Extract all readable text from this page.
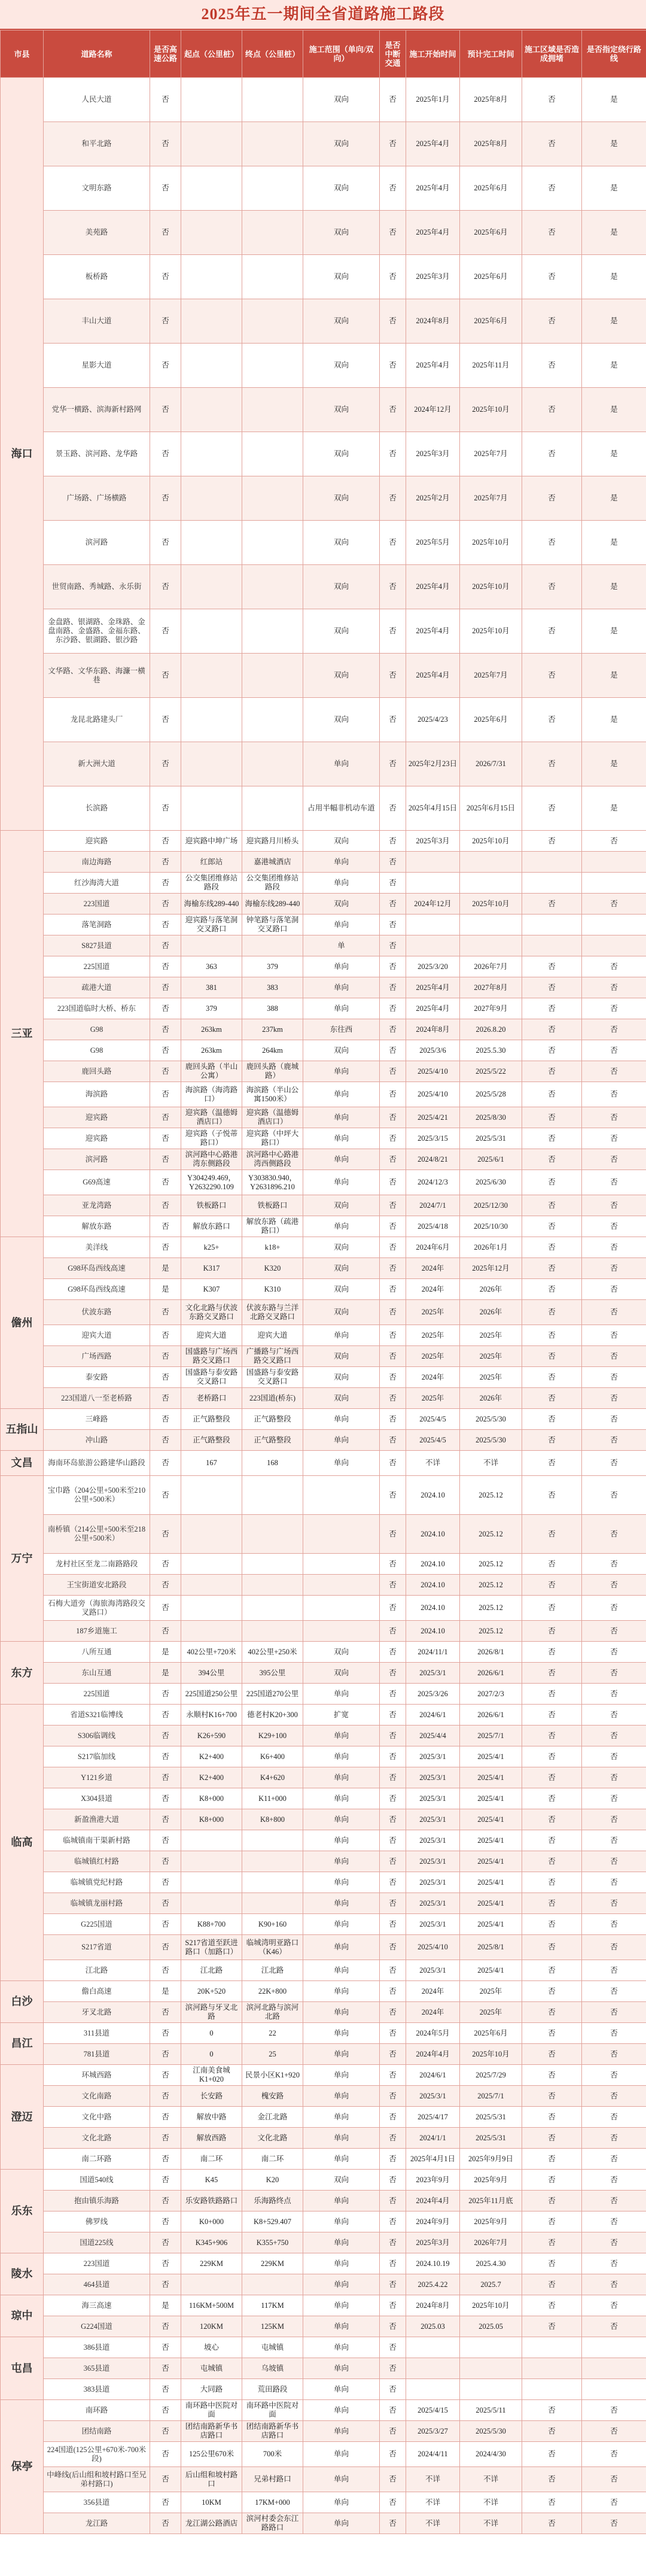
2025年五一期间全省道路施工路段
市县	道路名称	是否高速公路	起点（公里桩）	终点（公里桩）	施工范围（单向/双向）	是否中断交通	施工开始时间	预计完工时间	施工区域是否造成拥堵	是否指定绕行路线
海口	人民大道	否			双向	否	2025年1月	2025年8月	否	是
	和平北路	否			双向	否	2025年4月	2025年8月	否	是
	文明东路	否			双向	否	2025年4月	2025年6月	否	是
	美苑路	否			双向	否	2025年4月	2025年6月	否	是
	板桥路	否			双向	否	2025年3月	2025年6月	否	是
	丰山大道	否			双向	否	2024年8月	2025年6月	否	是
	星影大道	否			双向	否	2025年4月	2025年11月	否	是
	党华一横路、滨海新村路网	否			双向	否	2024年12月	2025年10月	否	是
	景玉路、滨河路、龙华路	否			双向	否	2025年3月	2025年7月	否	是
	广场路、广场横路	否			双向	否	2025年2月	2025年7月	否	是
	滨河路	否			双向	否	2025年5月	2025年10月	否	是
	世贸南路、秀城路、永乐街	否			双向	否	2025年4月	2025年10月	否	是
	金盘路、银湖路、金珠路、金盘南路、金盛路、金福东路、东沙路、银湖路、银沙路	否			双向	否	2025年4月	2025年10月	否	是
	文华路、文华东路、海濂一横巷	否			双向	否	2025年4月	2025年7月	否	是
	龙昆北路建头厂	否			双向	否	2025/4/23	2025年6月	否	是
	新大洲大道	否			单向	否	2025年2月23日	2026/7/31	否	是
	长滨路	否			占用半幅非机动车道	否	2025年4月15日	2025年6月15日	否	是
三亚	迎宾路	否	迎宾路中坤广场	迎宾路月川桥头	双向	否	2025年3月	2025年10月	否	否
	南边海路	否	红郎站	嘉港城酒店	单向	否				
	红沙海湾大道	否	公交集团维修站路段	公交集团维修站路段	单向	否				
	223国道	否	海榆东线289-440	海榆东线289-440	双向	否	2024年12月	2025年10月	否	否
	落笔洞路	否	迎宾路与落笔洞交叉路口	钟笔路与落笔洞交叉路口	单向	否				
	S827县道	否			单	否				
	225国道	否	363	379	单向	否	2025/3/20	2026年7月	否	否
	疏港大道	否	381	383	单向	否	2025年4月	2027年8月	否	否
	223国道临时大桥、桥东	否	379	388	单向	否	2025年4月	2027年9月	否	否
	G98	否	263km	237km	东往西	否	2024年8月	2026.8.20	否	否
	G98	否	263km	264km	双向	否	2025/3/6	2025.5.30	否	否
	鹿回头路	否	鹿回头路（半山公寓）	鹿回头路（鹿城路）	单向	否	2025/4/10	2025/5/22	否	否
	海滨路	否	海滨路（海湾路口）	海滨路（半山公寓1500米）	单向	否	2025/4/10	2025/5/28	否	否
	迎宾路	否	迎宾路（温德姆酒店口）	迎宾路（温德姆酒店口）	单向	否	2025/4/21	2025/8/30	否	否
	迎宾路	否	迎宾路（子悦蒂路口）	迎宾路（中坪大路口）	单向	否	2025/3/15	2025/5/31	否	否
	滨河路	否	滨河路中心路港湾东侧路段	滨河路中心路港湾西侧路段	单向	否	2024/8/21	2025/6/1	否	否
	G69高速	否	Y304249.469，Y2632290.109	Y303830.940，Y2631896.210	单向	否	2024/12/3	2025/6/30	否	否
	亚龙湾路	否	铁板路口	铁板路口	双向	否	2024/7/1	2025/12/30	否	否
	解放东路	否	解放东路口	解放东路（疏港路口）	单向	否	2025/4/18	2025/10/30	否	否
儋州	美洋线	否	k25+	k18+	双向	否	2024年6月	2026年1月	否	否
	G98环岛西线高速	是	K317	K320	双向	否	2024年	2025年12月	否	否
	G98环岛西线高速	是	K307	K310	双向	否	2024年	2026年	否	否
	伏波东路	否	文化北路与伏波东路交叉路口	伏波东路与兰洋北路交叉路口	双向	否	2025年	2026年	否	否
	迎宾大道	否	迎宾大道	迎宾大道	单向	否	2025年	2025年	否	否
	广场西路	否	国盛路与广场西路交叉路口	广播路与广场西路交叉路口	双向	否	2025年	2025年	否	否
	泰安路	否	国盛路与泰安路交叉路口	国盛路与泰安路交叉路口	双向	否	2024年	2025年	否	否
	223国道八一至老桥路	否	老桥路口	223国道(桥东)	双向	否	2025年	2026年	否	否
五指山	三峰路	否	正气路整段	正气路整段	单向	否	2025/4/5	2025/5/30	否	否
	冲山路	否	正气路整段	正气路整段	单向	否	2025/4/5	2025/5/30	否	否
文昌	海南环岛旅游公路建华山路段	否	167	168	单向	否	不详	不详	否	否
万宁	宝巾路（204公里+500米至210公里+500米）	否				否	2024.10	2025.12	否	否
	南桥镇（214公里+500米至218公里+500米）	否				否	2024.10	2025.12	否	否
	龙村社区至龙二南路路段	否				否	2024.10	2025.12	否	否
	王宝街道安北路段	否				否	2024.10	2025.12	否	否
	石梅大道旁（海旅海湾路段交叉路口）	否				否	2024.10	2025.12	否	否
	187乡道施工	否				否	2024.10	2025.12	否	否
东方	八所互通	是	402公里+720米	402公里+250米	双向	否	2024/11/1	2026/8/1	否	否
	东山互通	是	394公里	395公里	双向	否	2025/3/1	2026/6/1	否	否
	225国道	否	225国道250公里	225国道270公里	单向	否	2025/3/26	2027/2/3	否	否
临高	省道S321临博线	否	永顺村K16+700	德老村K20+300	扩宽	否	2024/6/1	2026/6/1	否	否
	S306临调线	否	K26+590	K29+100	单向	否	2025/4/4	2025/7/1	否	否
	S217临加线	否	K2+400	K6+400	单向	否	2025/3/1	2025/4/1	否	否
	Y121乡道	否	K2+400	K4+620	单向	否	2025/3/1	2025/4/1	否	否
	X304县道	否	K8+000	K11+000	单向	否	2025/3/1	2025/4/1	否	否
	新盈渔港大道	否	K8+000	K8+800	单向	否	2025/3/1	2025/4/1	否	否
	临城镇南干渠新村路	否			单向	否	2025/3/1	2025/4/1	否	否
	临城镇红村路	否			单向	否	2025/3/1	2025/4/1	否	否
	临城镇党纪村路	否			单向	否	2025/3/1	2025/4/1	否	否
	临城镇龙丽村路	否			单向	否	2025/3/1	2025/4/1	否	否
	G225国道	否	K88+700	K90+160	单向	否	2025/3/1	2025/4/1	否	否
	S217省道	否	S217省道至跃进路口（加路口）	临城湾明亚路口（K46）	单向	否	2025/4/10	2025/8/1	否	否
	江北路	否	江北路	江北路	单向	否	2025/3/1	2025/4/1	否	否
白沙	儋白高速	是	20K+520	22K+800	单向	否	2024年	2025年	否	否
	牙叉北路	否	滨河路与牙叉北路	滨河北路与滨河北路	单向	否	2024年	2025年	否	否
昌江	311县道	否	0	22	单向	否	2024年5月	2025年6月	否	否
	781县道	否	0	25	单向	否	2024年4月	2025年10月	否	否
澄迈	环城西路	否	江南美食城K1+020	民景小区K1+920	单向	否	2024/6/1	2025/7/29	否	否
	文化南路	否	长安路	槐安路	单向	否	2025/3/1	2025/7/1	否	否
	文化中路	否	解放中路	金江北路	单向	否	2025/4/17	2025/5/31	否	否
	文化北路	否	解放西路	文化北路	单向	否	2024/1/1	2025/5/31	否	否
	南二环路	否	南二环	南二环	单向	否	2025年4月1日	2025年9月9日	否	否
乐东	国道540线	否	K45	K20	双向	否	2023年9月	2025年9月	否	否
	抱由镇乐海路	否	乐安路铁路路口	乐海路终点	单向	否	2024年4月	2025年11月底	否	否
	佛罗线	否	K0+000	K8+529.407	单向	否	2024年9月	2025年9月	否	否
	国道225线	否	K345+906	K355+750	单向	否	2025年3月	2026年7月	否	否
陵水	223国道	否	229KM	229KM	单向	否	2024.10.19	2025.4.30	否	否
	464县道	否			单向	否	2025.4.22	2025.7	否	否
琼中	海三高速	是	116KM+500M	117KM	单向	否	2024年8月	2025年10月	否	否
	G224国道	否	120KM	125KM	单向	否	2025.03	2025.05	否	否
屯昌	386县道	否	坡心	屯城镇	单向	否				
	365县道	否	屯城镇	乌坡镇	单向	否				
	383县道	否	大同路	荒田路段	单向	否				
保亭	南环路	否	南环路中医院对面	南环路中医院对面	单向	否	2025/4/15	2025/5/11	否	否
	团结南路	否	团结南路新华书店路口	团结南路新华书店路口	单向	否	2025/3/27	2025/5/30	否	否
	224国道(125公里+670米-700米段)	否	125公里670米	700米	单向	否	2024/4/11	2024/4/30	否	否
	中峰线(后山组和坡村路口至兄弟村路口)	否	后山组和坡村路口	兄弟村路口	单向	否	不详	不详	否	否
	356县道	否	10KM	17KM+000	单向	否	不详	不详	否	否
	龙江路	否	龙江湖公路酒店	滨河村委会东江路路口	单向	否	不详	不详	否	否
